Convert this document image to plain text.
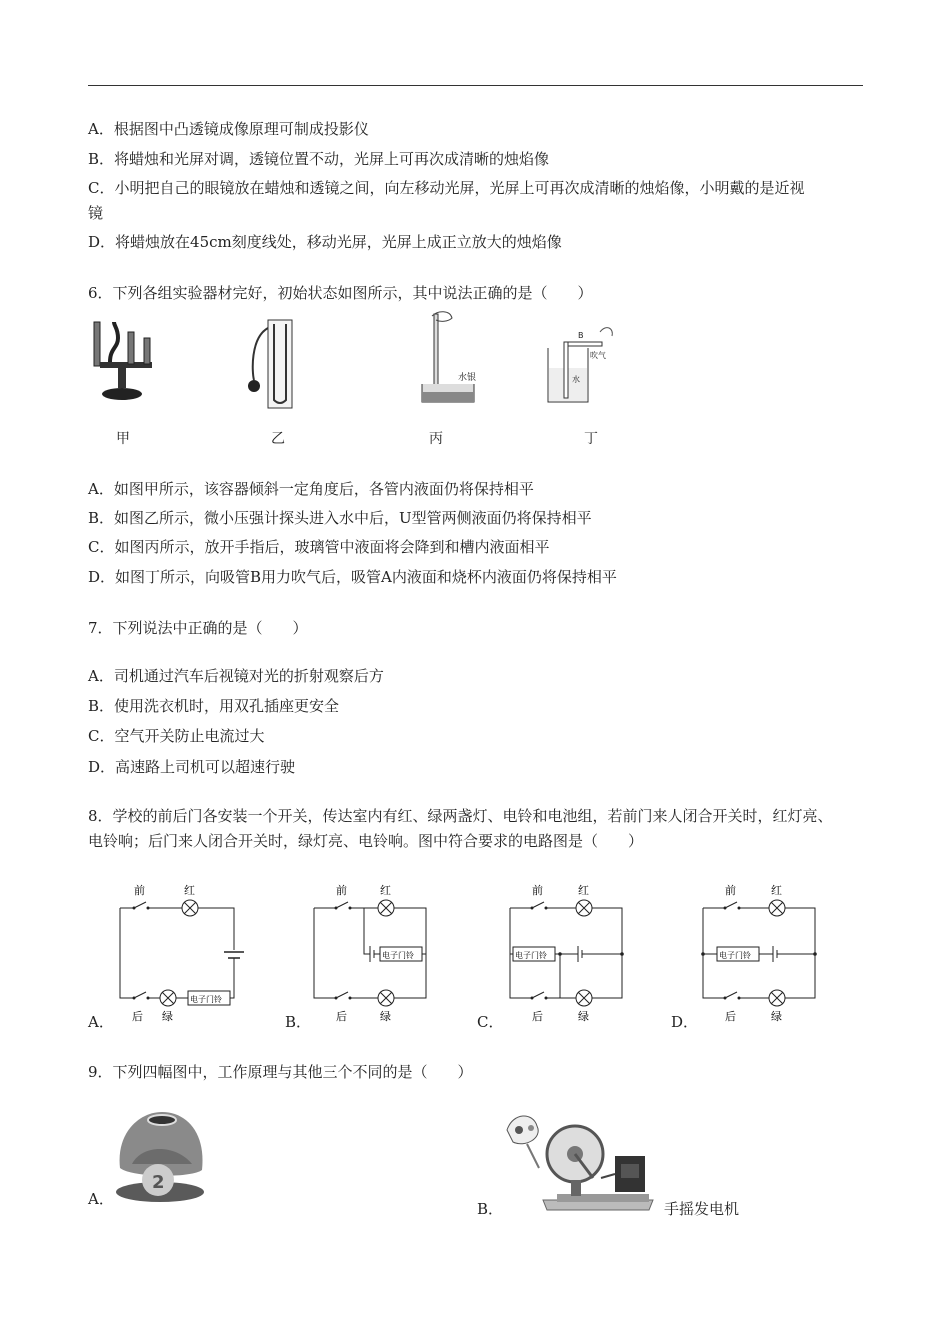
A．根据图中凸透镜成像原理可制成投影仪
B．将蜡烛和光屏对调，透镜位置不动，光屏上可再次成清晰的烛焰像
C．小明把自己的眼镜放在蜡烛和透镜之间，向左移动光屏，光屏上可再次成清晰的烛焰像，小明戴的是近视
镜
D．将蜡烛放在45cm刻度线处，移动光屏，光屏上成正立放大的烛焰像
6．下列各组实验器材完好，初始状态如图所示，其中说法正确的是（　　）
甲	乙
水银
丙
B
吹气
水
丁
A．如图甲所示，该容器倾斜一定角度后，各管内液面仍将保持相平
B．如图乙所示，微小压强计探头进入水中后，U型管两侧液面仍将保持相平
C．如图丙所示，放开手指后，玻璃管中液面将会降到和槽内液面相平
D．如图丁所示，向吸管B用力吹气后，吸管A内液面和烧杯内液面仍将保持相平
7．下列说法中正确的是（　　）
A．司机通过汽车后视镜对光的折射观察后方
B．使用洗衣机时，用双孔插座更安全
C．空气开关防止电流过大
D．高速路上司机可以超速行驶
8．学校的前后门各安装一个开关，传达室内有红、绿两盏灯、电铃和电池组，若前门来人闭合开关时，红灯亮、
电铃响；后门来人闭合开关时，绿灯亮、电铃响。图中符合要求的电路图是（　　）
前	红
电子门铃
后 绿
A．
前	红
电子门铃
后	绿
B．
前	红
电子门铃
后	绿
C．
前	红
电子门铃
后	绿
D．
9．下列四幅图中，工作原理与其他三个不同的是（　　）
2
A．
B．	手摇发电机
